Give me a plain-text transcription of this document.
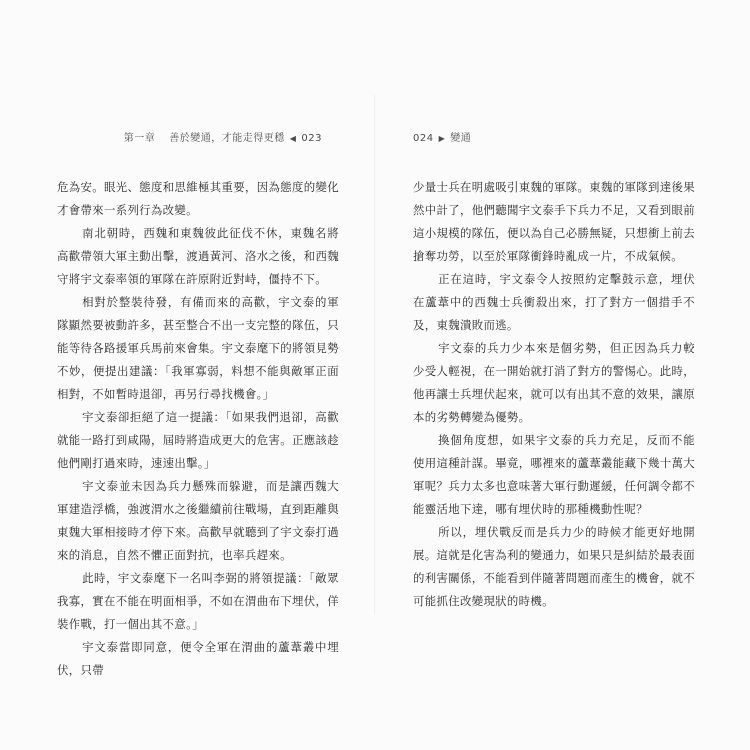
第一章 善於變通，才能走得更穩 ◀ 023	024 ▶ 變通

危為安。眼光、態度和思維極其重要，因為態度的變化才會帶來一系列行為改變。

南北朝時，西魏和東魏彼此征伐不休，東魏名將高歡帶領大軍主動出擊，渡過黃河、洛水之後，和西魏守將宇文泰率領的軍隊在許原附近對峙，僵持不下。

相對於整裝待發，有備而來的高歡，宇文泰的軍隊顯然要被動許多，甚至整合不出一支完整的隊伍，只能等待各路援軍兵馬前來會集。宇文泰麾下的將領見勢不妙，便提出建議：「我軍寡弱，料想不能與敵軍正面相對，不如暫時退卻，再另行尋找機會。」

宇文泰卻拒絕了這一提議：「如果我們退卻，高歡就能一路打到咸陽，屆時將造成更大的危害。正應該趁他們剛打過來時，速速出擊。」

宇文泰並未因為兵力懸殊而躲避，而是讓西魏大軍建造浮橋，強渡渭水之後繼續前往戰場，直到距離與東魏大軍相接時才停下來。高歡早就聽到了宇文泰打過來的消息，自然不懼正面對抗，也率兵趕來。

此時，宇文泰麾下一名叫李弼的將領提議：「敵眾我寡，實在不能在明面相爭，不如在渭曲布下埋伏，佯裝作戰，打一個出其不意。」

宇文泰當即同意，便令全軍在渭曲的蘆葦叢中埋伏，只帶

少量士兵在明處吸引東魏的軍隊。東魏的軍隊到達後果然中計了，他們聽聞宇文泰手下兵力不足，又看到眼前這小規模的隊伍，便以為自己必勝無疑，只想衝上前去搶奪功勞，以至於軍隊衝鋒時亂成一片，不成氣候。

正在這時，宇文泰令人按照約定擊鼓示意，埋伏在蘆葦中的西魏士兵衝殺出來，打了對方一個措手不及，東魏潰敗而逃。

宇文泰的兵力少本來是個劣勢，但正因為兵力較少受人輕視，在一開始就打消了對方的警惕心。此時，他再讓士兵埋伏起來，就可以有出其不意的效果，讓原本的劣勢轉變為優勢。

換個角度想，如果宇文泰的兵力充足，反而不能使用這種計謀。畢竟，哪裡來的蘆葦叢能藏下幾十萬大軍呢？兵力太多也意味著大軍行動遲緩，任何調令都不能靈活地下達，哪有埋伏時的那種機動性呢？

所以，埋伏戰反而是兵力少的時候才能更好地開展。這就是化害為利的變通力，如果只是糾結於最表面的利害關係，不能看到伴隨著問題而產生的機會，就不可能抓住改變現狀的時機。
